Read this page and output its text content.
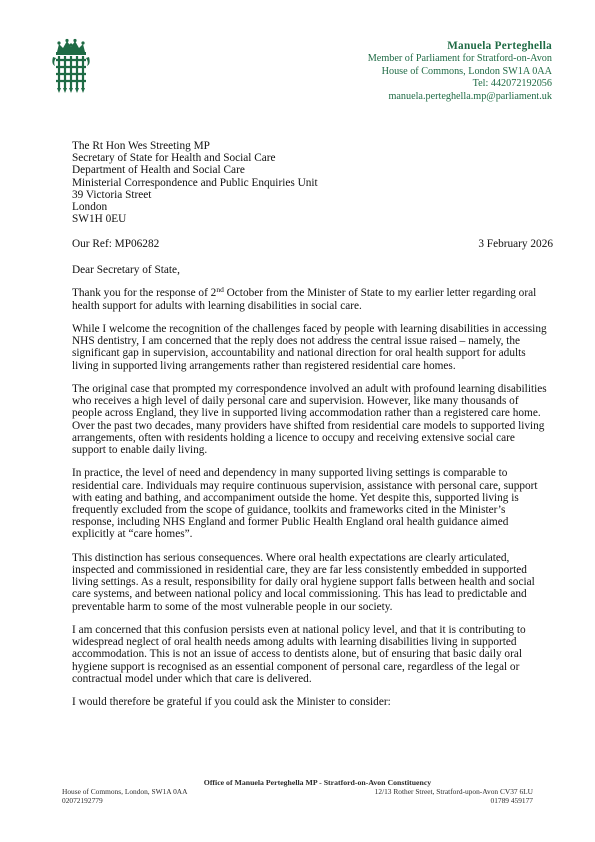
Manuela Perteghella
Member of Parliament for Stratford-on-Avon
House of Commons, London SW1A 0AA
Tel: 442072192056
manuela.perteghella.mp@parliament.uk
The Rt Hon Wes Streeting MP
Secretary of State for Health and Social Care
Department of Health and Social Care
Ministerial Correspondence and Public Enquiries Unit
39 Victoria Street
London
SW1H 0EU
Our Ref: MP06282	3 February 2026

Dear Secretary of State,

Thank you for the response of 2nd October from the Minister of State to my earlier letter regarding oral health support for adults with learning disabilities in social care.

While I welcome the recognition of the challenges faced by people with learning disabilities in accessing NHS dentistry, I am concerned that the reply does not address the central issue raised – namely, the significant gap in supervision, accountability and national direction for oral health support for adults living in supported living arrangements rather than registered residential care homes.

The original case that prompted my correspondence involved an adult with profound learning disabilities who receives a high level of daily personal care and supervision. However, like many thousands of people across England, they live in supported living accommodation rather than a registered care home. Over the past two decades, many providers have shifted from residential care models to supported living arrangements, often with residents holding a licence to occupy and receiving extensive social care support to enable daily living.

In practice, the level of need and dependency in many supported living settings is comparable to residential care. Individuals may require continuous supervision, assistance with personal care, support with eating and bathing, and accompaniment outside the home. Yet despite this, supported living is frequently excluded from the scope of guidance, toolkits and frameworks cited in the Minister’s response, including NHS England and former Public Health England oral health guidance aimed explicitly at “care homes”.

This distinction has serious consequences. Where oral health expectations are clearly articulated, inspected and commissioned in residential care, they are far less consistently embedded in supported living settings. As a result, responsibility for daily oral hygiene support falls between health and social care systems, and between national policy and local commissioning. This has lead to predictable and preventable harm to some of the most vulnerable people in our society.

I am concerned that this confusion persists even at national policy level, and that it is contributing to widespread neglect of oral health needs among adults with learning disabilities living in supported accommodation. This is not an issue of access to dentists alone, but of ensuring that basic daily oral hygiene support is recognised as an essential component of personal care, regardless of the legal or contractual model under which that care is delivered.

I would therefore be grateful if you could ask the Minister to consider:

Office of Manuela Perteghella MP - Stratford-on-Avon Constituency
House of Commons, London, SW1A 0AA	12/13 Rother Street, Stratford-upon-Avon CV37 6LU
02072192779	01789 459177
